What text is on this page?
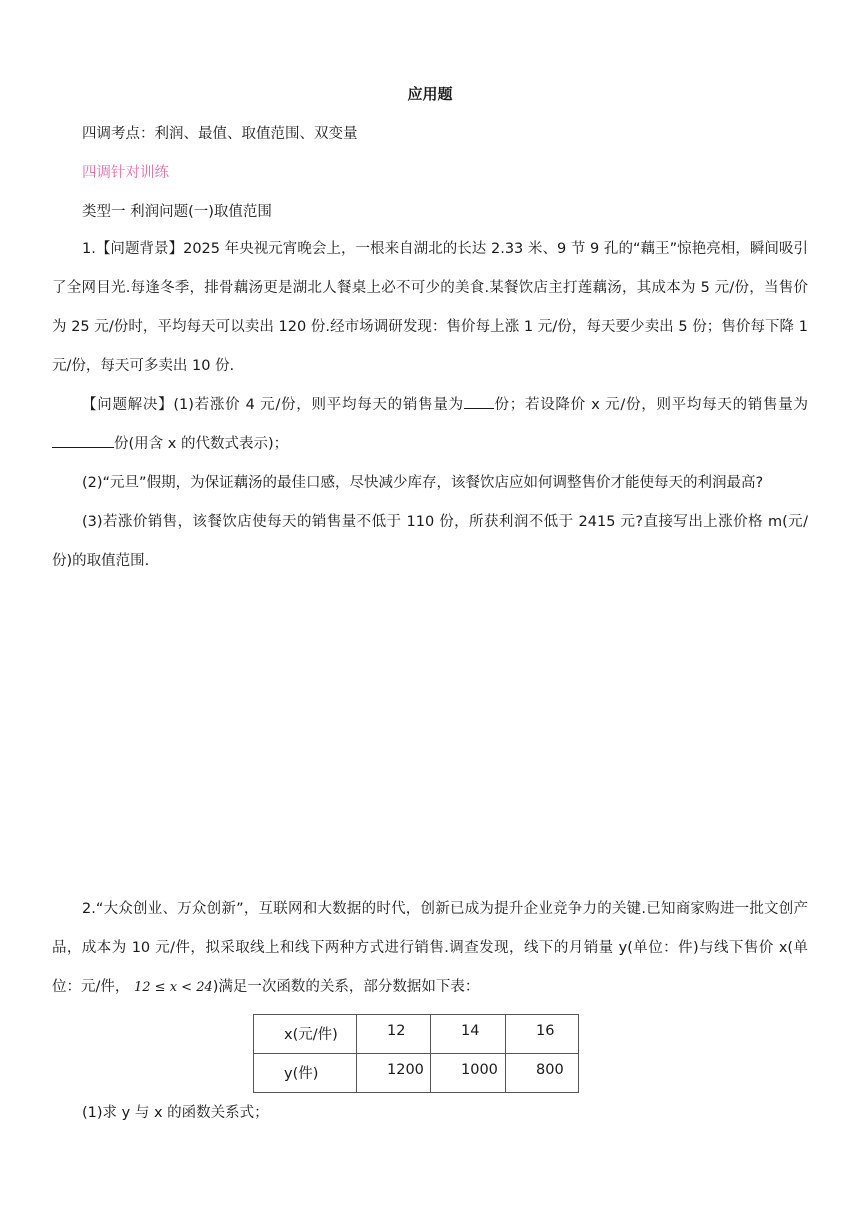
应用题
四调考点：利润、最值、取值范围、双变量
四调针对训练
类型一 利润问题(一)取值范围
1.【问题背景】2025 年央视元宵晚会上，一根来自湖北的长达 2.33 米、9 节 9 孔的“藕王”惊艳亮相，瞬间吸引了全网目光.每逢冬季，排骨藕汤更是湖北人餐桌上必不可少的美食.某餐饮店主打莲藕汤，其成本为 5 元/份，当售价为 25 元/份时，平均每天可以卖出 120 份.经市场调研发现：售价每上涨 1 元/份，每天要少卖出 5 份；售价每下降 1 元/份，每天可多卖出 10 份.
【问题解决】(1)若涨价 4 元/份，则平均每天的销售量为 份；若设降价 x 元/份，则平均每天的销售量为份(用含 x 的代数式表示)；
(2)“元旦”假期，为保证藕汤的最佳口感，尽快减少库存，该餐饮店应如何调整售价才能使每天的利润最高?
(3)若涨价销售，该餐饮店使每天的销售量不低于 110 份，所获利润不低于 2415 元?直接写出上涨价格 m(元/份)的取值范围.
2.“大众创业、万众创新”，互联网和大数据的时代，创新已成为提升企业竞争力的关键.已知商家购进一批文创产品，成本为 10 元/件，拟采取线上和线下两种方式进行销售.调查发现，线下的月销量 y(单位：件)与线下售价 x(单位：元/件， 12 ≤ x < 24)满足一次函数的关系，部分数据如下表：
x(元/件)	12	14	16

y(件)	1200	1000	800
(1)求 y 与 x 的函数关系式；
